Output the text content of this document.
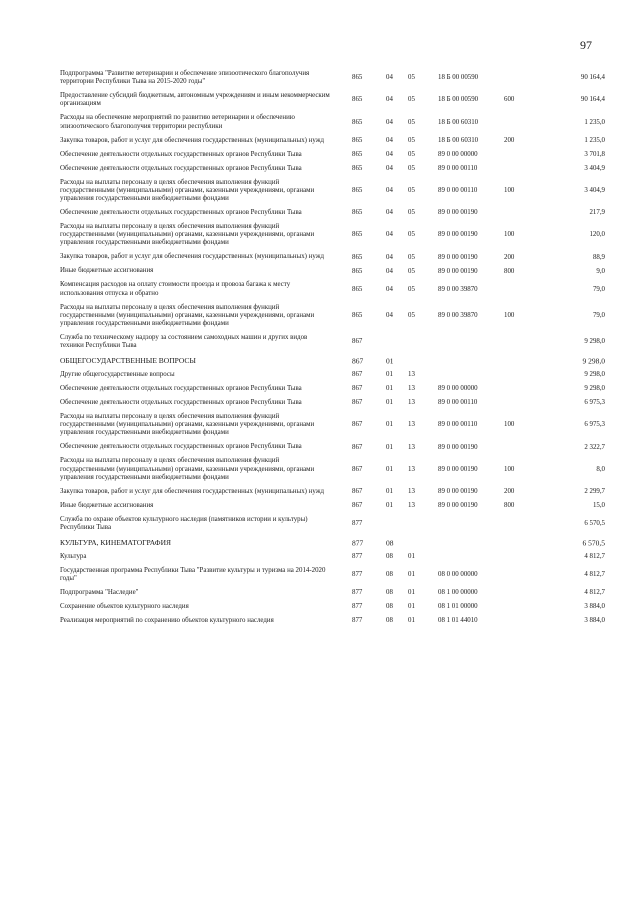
97
Подпрограмма "Развитие ветеринарии и обеспечение эпизоотического благополучия территории Республики Тыва на 2015-2020 годы"
865	04 05	18 Б 00 00590	90 164,4
Предоставление субсидий бюджетным, автономным учреждениям и иным некоммерческим организациям
865	04 05	18 Б 00 00590	600	90 164,4
Расходы на обеспечение мероприятий по развитию ветеринарии и обеспечению эпизоотического благополучия территории республики
865	04 05	18 Б 00 60310	1 235,0
Закупка товаров, работ и услуг для обеспечения государственных (муниципальных) нужд	865	04 05	18 Б 00 60310	200	1 235,0
Обеспечение деятельности отдельных государственных органов Республики Тыва	865	04 05	89 0 00 00000	3 701,8
Обеспечение деятельности отдельных государственных органов Республики Тыва	865	04 05	89 0 00 00110	3 404,9
Расходы на выплаты персоналу в целях обеспечения выполнения функций государственными (муниципальными) органами, казенными учреждениями, органами управления государственными внебюджетными фондами
865	04 05	89 0 00 00110	100	3 404,9
Обеспечение деятельности отдельных государственных органов Республики Тыва	865	04 05	89 0 00 00190	217,9
Расходы на выплаты персоналу в целях обеспечения выполнения функций государственными (муниципальными) органами, казенными учреждениями, органами управления государственными внебюджетными фондами
865	04 05	89 0 00 00190	100	120,0
Закупка товаров, работ и услуг для обеспечения государственных (муниципальных) нужд	865	04 05	89 0 00 00190	200	88,9
Иные бюджетные ассигнования	865	04 05	89 0 00 00190	800	9,0
Компенсация расходов на оплату стоимости проезда и провоза багажа к месту использования отпуска и обратно
865	04 05	89 0 00 39870	79,0
Расходы на выплаты персоналу в целях обеспечения выполнения функций государственными (муниципальными) органами, казенными учреждениями, органами управления государственными внебюджетными фондами
865	04 05	89 0 00 39870	100	79,0
Служба по техническому надзору за состоянием самоходных машин и других видов техники Республики Тыва
867	9 298,0
ОБЩЕГОСУДАРСТВЕННЫЕ ВОПРОСЫ	867	01	9 298,0
Другие общегосударственные вопросы	867	01 13	9 298,0
Обеспечение деятельности отдельных государственных органов Республики Тыва	867	01 13	89 0 00 00000	9 298,0
Обеспечение деятельности отдельных государственных органов Республики Тыва	867	01 13	89 0 00 00110	6 975,3
Расходы на выплаты персоналу в целях обеспечения выполнения функций государственными (муниципальными) органами, казенными учреждениями, органами управления государственными внебюджетными фондами
867	01 13	89 0 00 00110	100	6 975,3
Обеспечение деятельности отдельных государственных органов Республики Тыва	867	01 13	89 0 00 00190	2 322,7
Расходы на выплаты персоналу в целях обеспечения выполнения функций государственными (муниципальными) органами, казенными учреждениями, органами управления государственными внебюджетными фондами
867	01 13	89 0 00 00190	100	8,0
Закупка товаров, работ и услуг для обеспечения государственных (муниципальных) нужд	867	01 13	89 0 00 00190	200	2 299,7
Иные бюджетные ассигнования	867	01 13	89 0 00 00190	800	15,0
Служба по охране объектов культурного наследия (памятников истории и культуры) Республики Тыва
877	6 570,5
КУЛЬТУРА, КИНЕМАТОГРАФИЯ	877	08	6 570,5
Культура	877	08 01	4 812,7
Государственная программа Республики Тыва "Развитие культуры и туризма на 2014-2020 годы"
877	08 01	08 0 00 00000	4 812,7
Подпрограмма "Наследие"	877	08 01	08 1 00 00000	4 812,7
Сохранение объектов культурного наследия	877	08 01	08 1 01 00000	3 884,0
Реализация мероприятий по сохранению объектов культурного наследия	877	08 01	08 1 01 44010	3 884,0
